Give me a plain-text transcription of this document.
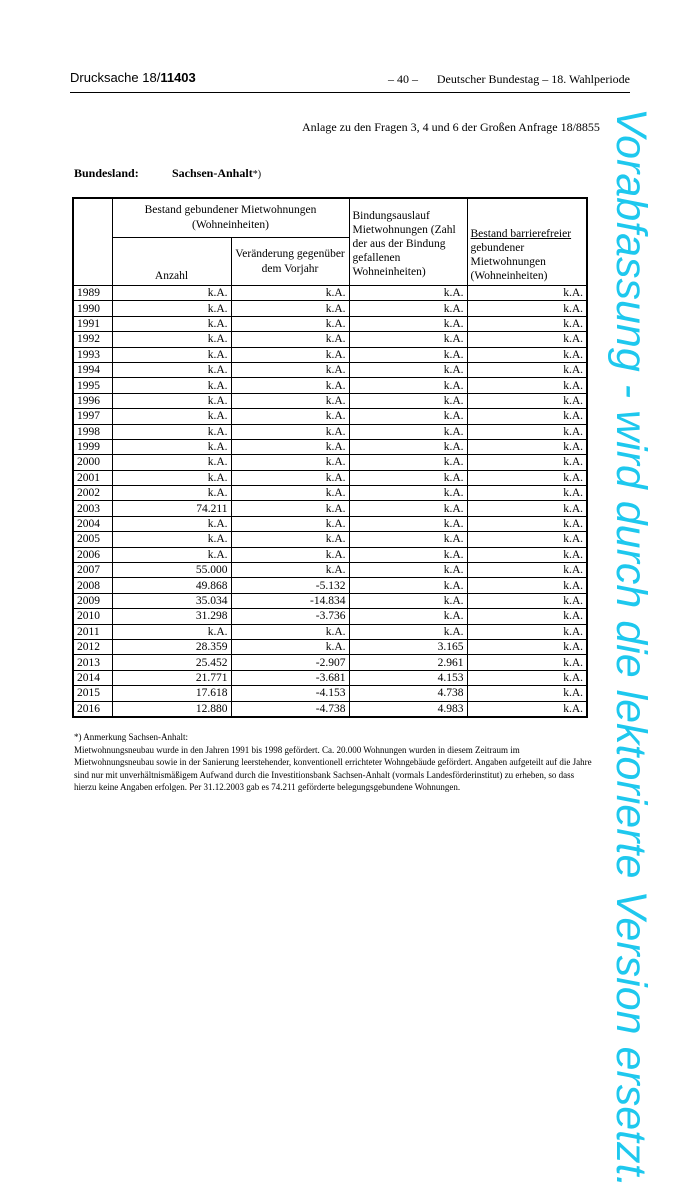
Drucksache 18/11403	– 40 – Deutscher Bundestag – 18. Wahlperiode
Anlage zu den Fragen 3, 4 und 6 der Großen Anfrage 18/8855
Bundesland:	Sachsen-Anhalt*)
	Bestand gebundener Mietwohnungen (Wohneinheiten)		Bindungsauslauf Mietwohnungen (Zahl der aus der Bindung gefallenen Wohneinheiten)	Bestand barrierefreier gebundener Mietwohnungen (Wohneinheiten)
	Anzahl	Veränderung gegenüber dem Vorjahr		
1989	k.A.	k.A.	k.A.	k.A.
1990	k.A.	k.A.	k.A.	k.A.
1991	k.A.	k.A.	k.A.	k.A.
1992	k.A.	k.A.	k.A.	k.A.
1993	k.A.	k.A.	k.A.	k.A.
1994	k.A.	k.A.	k.A.	k.A.
1995	k.A.	k.A.	k.A.	k.A.
1996	k.A.	k.A.	k.A.	k.A.
1997	k.A.	k.A.	k.A.	k.A.
1998	k.A.	k.A.	k.A.	k.A.
1999	k.A.	k.A.	k.A.	k.A.
2000	k.A.	k.A.	k.A.	k.A.
2001	k.A.	k.A.	k.A.	k.A.
2002	k.A.	k.A.	k.A.	k.A.
2003	74.211	k.A.	k.A.	k.A.
2004	k.A.	k.A.	k.A.	k.A.
2005	k.A.	k.A.	k.A.	k.A.
2006	k.A.	k.A.	k.A.	k.A.
2007	55.000	k.A.	k.A.	k.A.
2008	49.868	-5.132	k.A.	k.A.
2009	35.034	-14.834	k.A.	k.A.
2010	31.298	-3.736	k.A.	k.A.
2011	k.A.	k.A.	k.A.	k.A.
2012	28.359	k.A.	3.165	k.A.
2013	25.452	-2.907	2.961	k.A.
2014	21.771	-3.681	4.153	k.A.
2015	17.618	-4.153	4.738	k.A.
2016	12.880	-4.738	4.983	k.A.

*) Anmerkung Sachsen-Anhalt:

Mietwohnungsneubau wurde in den Jahren 1991 bis 1998 gefördert. Ca. 20.000 Wohnungen wurden in diesem Zeitraum im Mietwohnungsneubau sowie in der Sanierung leerstehender, konventionell errichteter Wohngebäude gefördert. Angaben aufgeteilt auf die Jahre sind nur mit unverhältnismäßigem Aufwand durch die Investitionsbank Sachsen-Anhalt (vormals Landesförderinstitut) zu erheben, so dass hierzu keine Angaben erfolgen. Per 31.12.2003 gab es 74.211 geförderte belegungsgebundene Wohnungen.	Vorabfassung - wird durch die lektorierte Version ersetzt.
